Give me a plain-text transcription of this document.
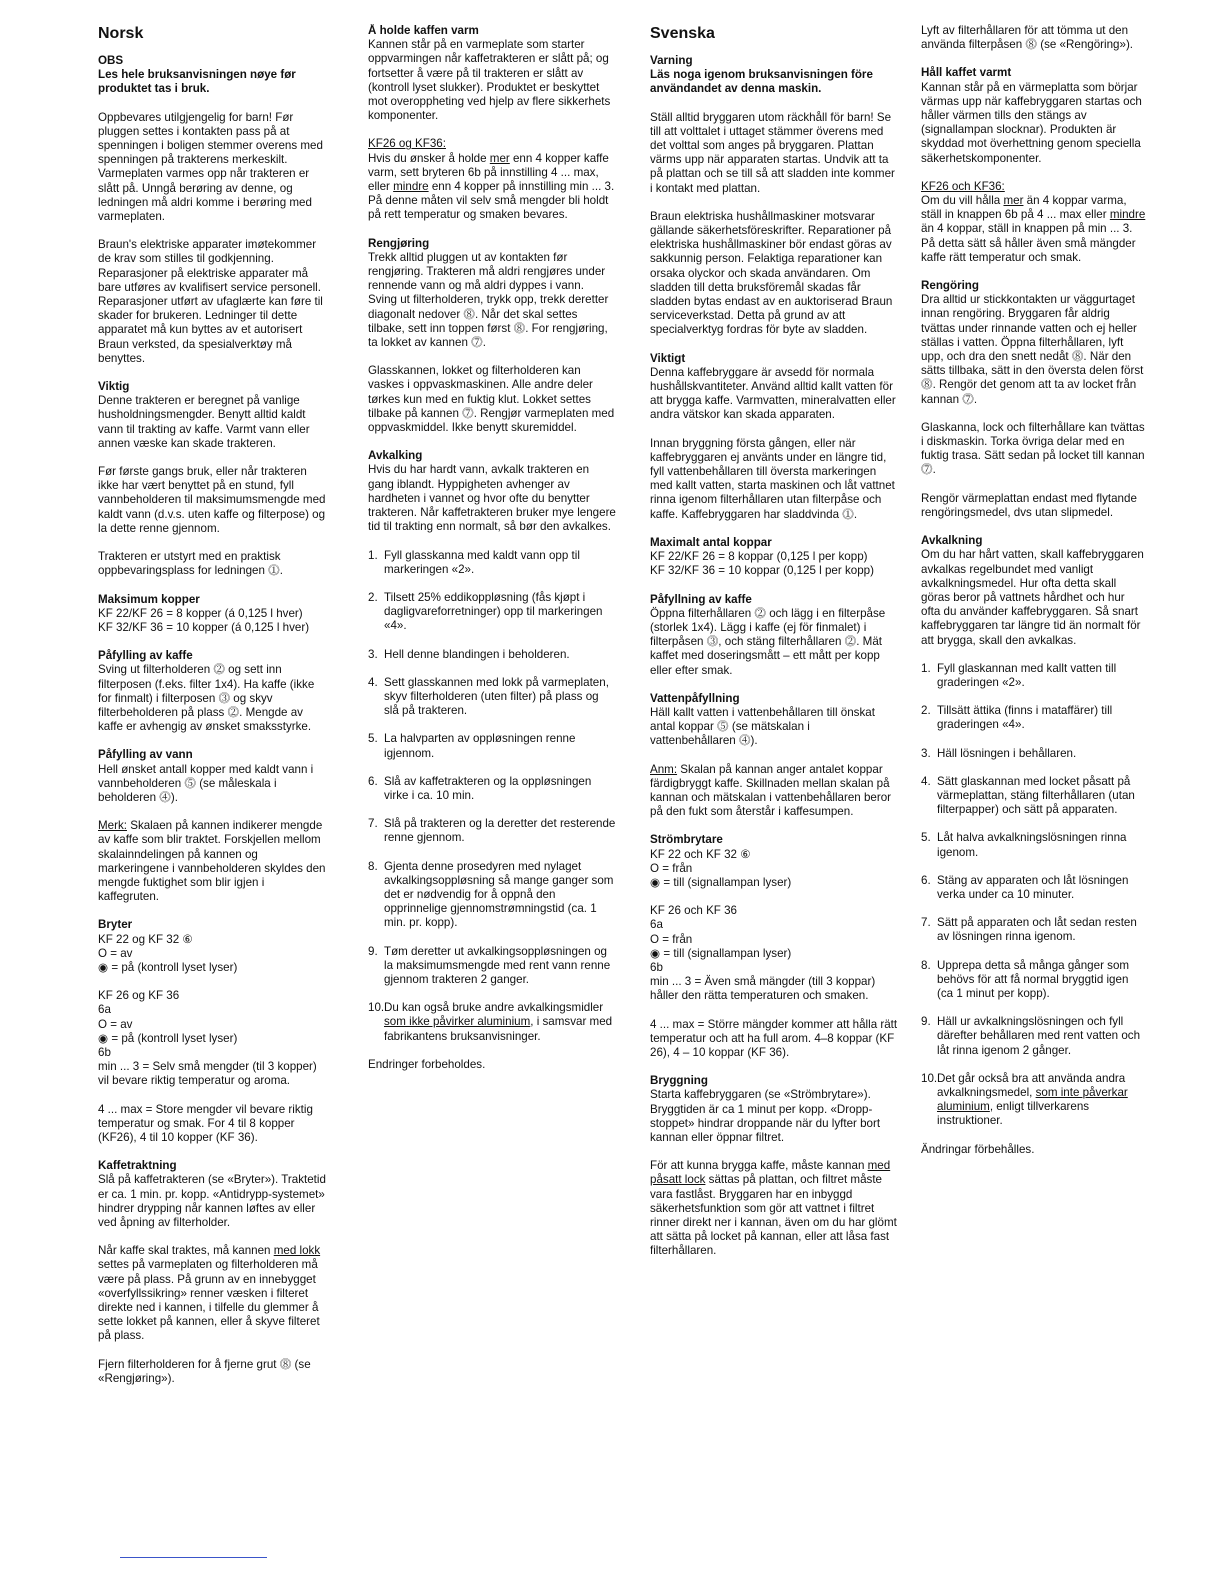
Norsk
OBS

Les hele bruksanvisningen nøye før produktet tas i bruk.

Oppbevares utilgjengelig for barn! Før pluggen settes i kontakten pass på at spenningen i boligen stemmer overens med spenningen på trakterens merkeskilt. Varmeplaten varmes opp når trakteren er slått på. Unngå berøring av denne, og ledningen må aldri komme i berøring med varmeplaten.

Braun's elektriske apparater imøtekommer de krav som stilles til godkjenning. Reparasjoner på elektriske apparater må bare utføres av kvalifisert service personell. Reparasjoner utført av ufaglærte kan føre til skader for brukeren. Ledninger til dette apparatet må kun byttes av et autorisert Braun verksted, da spesialverktøy må benyttes.

Viktig

Denne trakteren er beregnet på vanlige husholdningsmengder. Benytt alltid kaldt vann til trakting av kaffe. Varmt vann eller annen væske kan skade trakteren.

Før første gangs bruk, eller når trakteren ikke har vært benyttet på en stund, fyll vannbeholderen til maksimumsmengde med kaldt vann (d.v.s. uten kaffe og filterpose) og la dette renne gjennom.

Trakteren er utstyrt med en praktisk oppbevaringsplass for ledningen ⓵.

Maksimum kopper
KF 22/KF 26 = 8 kopper (á 0,125 l hver)

KF 32/KF 36 = 10 kopper (á 0,125 l hver)

Påfylling av kaffe

Sving ut filterholderen ⓶ og sett inn filterposen (f.eks. filter 1x4). Ha kaffe (ikke for finmalt) i filterposen ⓷ og skyv filterbeholderen på plass ⓶. Mengde av kaffe er avhengig av ønsket smaksstyrke.

Påfylling av vann

Hell ønsket antall kopper med kaldt vann i vannbeholderen ⓹ (se måleskala i beholderen ⓸).

Merk: Skalaen på kannen indikerer mengde av kaffe som blir traktet. Forskjellen mellom skalainndelingen på kannen og markeringene i vannbeholderen skyldes den mengde fuktighet som blir igjen i kaffegruten.

Bryter
KF 22 og KF 32 ⑥
O = av

◉ = på (kontroll lyset lyser)

KF 26 og KF 36
6a
O = av
◉ = på (kontroll lyset lyser)
6b

min ... 3 = Selv små mengder (til 3 kopper) vil bevare riktig temperatur og aroma.

4 ... max = Store mengder vil bevare riktig temperatur og smak. For 4 til 8 kopper (KF26), 4 til 10 kopper (KF 36).

Kaffetraktning

Slå på kaffetrakteren (se «Bryter»). Traktetid er ca. 1 min. pr. kopp. «Antidrypp-systemet» hindrer drypping når kannen løftes av eller ved åpning av filterholder.

Når kaffe skal traktes, må kannen med lokk settes på varmeplaten og filterholderen må være på plass. På grunn av en innebygget «overfyllssikring» renner væsken i filteret direkte ned i kannen, i tilfelle du glemmer å sette lokket på kannen, eller å skyve filteret på plass.

Fjern filterholderen for å fjerne grut ⓼ (se «Rengjøring»).

Å holde kaffen varm

Kannen står på en varmeplate som starter oppvarmingen når kaffetrakteren er slått på; og fortsetter å være på til trakteren er slått av (kontroll lyset slukker). Produktet er beskyttet mot overoppheting ved hjelp av flere sikkerhets komponenter.

KF26 og KF36:

Hvis du ønsker å holde mer enn 4 kopper kaffe varm, sett bryteren 6b på innstilling 4 ... max, eller mindre enn 4 kopper på innstilling min ... 3. På denne måten vil selv små mengder bli holdt på rett temperatur og smaken bevares.

Rengjøring

Trekk alltid pluggen ut av kontakten før rengjøring. Trakteren må aldri rengjøres under rennende vann og må aldri dyppes i vann. Sving ut filterholderen, trykk opp, trekk deretter diagonalt nedover ⓼. Når det skal settes tilbake, sett inn toppen først ⓼. For rengjøring, ta lokket av kannen ⓻.

Glasskannen, lokket og filterholderen kan vaskes i oppvaskmaskinen. Alle andre deler tørkes kun med en fuktig klut. Lokket settes tilbake på kannen ⓻. Rengjør varmeplaten med oppvaskmiddel. Ikke benytt skuremiddel.

Avkalking

Hvis du har hardt vann, avkalk trakteren en gang iblandt. Hyppigheten avhenger av hardheten i vannet og hvor ofte du benytter trakteren. Når kaffetrakteren bruker mye lengere tid til trakting enn normalt, så bør den avkalkes.

1. Fyll glasskanna med kaldt vann opp til markeringen «2».
2. Tilsett 25% eddikoppløsning (fås kjøpt i dagligvareforretninger) opp til markeringen «4».
3. Hell denne blandingen i beholderen.
4. Sett glasskannen med lokk på varmeplaten, skyv filterholderen (uten filter) på plass og slå på trakteren.
5. La halvparten av oppløsningen renne igjennom.
6. Slå av kaffetrakteren og la oppløsningen virke i ca. 10 min.
7. Slå på trakteren og la deretter det resterende renne gjennom.
8. Gjenta denne prosedyren med nylaget avkalkingsoppløsning så mange ganger som det er nødvendig for å oppnå den opprinnelige gjennomstrømningstid (ca. 1 min. pr. kopp).
9. Tøm deretter ut avkalkingsoppløsningen og la maksimumsmengde med rent vann renne gjennom trakteren 2 ganger.
10. Du kan også bruke andre avkalkingsmidler som ikke påvirker aluminium, i samsvar med fabrikantens bruksanvisninger.

Endringer forbeholdes.

Svenska
Varning

Läs noga igenom bruksanvisningen före användandet av denna maskin.

Ställ alltid bryggaren utom räckhåll för barn! Se till att volttalet i uttaget stämmer överens med det volttal som anges på bryggaren. Plattan värms upp när apparaten startas. Undvik att ta på plattan och se till så att sladden inte kommer i kontakt med plattan.

Braun elektriska hushållmaskiner motsvarar gällande säkerhetsföreskrifter. Reparationer på elektriska hushållmaskiner bör endast göras av sakkunnig person. Felaktiga reparationer kan orsaka olyckor och skada användaren. Om sladden till detta bruksföremål skadas får sladden bytas endast av en auktoriserad Braun serviceverkstad. Detta på grund av att specialverktyg fordras för byte av sladden.

Viktigt

Denna kaffebryggare är avsedd för normala hushållskvantiteter. Använd alltid kallt vatten för att brygga kaffe. Varmvatten, mineralvatten eller andra vätskor kan skada apparaten.

Innan bryggning första gången, eller när kaffebryggaren ej använts under en längre tid, fyll vattenbehållaren till översta markeringen med kallt vatten, starta maskinen och låt vattnet rinna igenom filterhållaren utan filterpåse och kaffe. Kaffebryggaren har sladdvinda ⓵.

Maximalt antal koppar
KF 22/KF 26 = 8 koppar (0,125 l per kopp)

KF 32/KF 36 = 10 koppar (0,125 l per kopp)

Påfyllning av kaffe

Öppna filterhållaren ⓶ och lägg i en filterpåse (storlek 1x4). Lägg i kaffe (ej för finmalet) i filterpåsen ⓷, och stäng filterhållaren ⓶. Mät kaffet med doseringsmått – ett mått per kopp eller efter smak.

Vattenpåfyllning

Häll kallt vatten i vattenbehållaren till önskat antal koppar ⓹ (se mätskalan i vattenbehållaren ⓸).

Anm: Skalan på kannan anger antalet koppar färdigbryggt kaffe. Skillnaden mellan skalan på kannan och mätskalan i vattenbehållaren beror på den fukt som återstår i kaffesumpen.

Strömbrytare
KF 22 och KF 32 ⑥
O = från

◉ = till (signallampan lyser)

KF 26 och KF 36
6a
O = från
◉ = till (signallampan lyser)
6b

min ... 3 = Även små mängder (till 3 koppar) håller den rätta temperaturen och smaken.

4 ... max = Större mängder kommer att hålla rätt temperatur och att ha full arom. 4–8 koppar (KF 26), 4 – 10 koppar (KF 36).

Bryggning

Starta kaffebryggaren (se «Strömbrytare»). Bryggtiden är ca 1 minut per kopp. «Dropp-stoppet» hindrar droppande när du lyfter bort kannan eller öppnar filtret.

För att kunna brygga kaffe, måste kannan med påsatt lock sättas på plattan, och filtret måste vara fastlåst. Bryggaren har en inbyggd säkerhetsfunktion som gör att vattnet i filtret rinner direkt ner i kannan, även om du har glömt att sätta på locket på kannan, eller att låsa fast filterhållaren.

Lyft av filterhållaren för att tömma ut den använda filterpåsen ⓼ (se «Rengöring»).

Håll kaffet varmt

Kannan står på en värmeplatta som börjar värmas upp när kaffebryggaren startas och håller värmen tills den stängs av (signallampan slocknar). Produkten är skyddad mot överhettning genom speciella säkerhetskomponenter.

KF26 och KF36:

Om du vill hålla mer än 4 koppar varma, ställ in knappen 6b på 4 ... max eller mindre än 4 koppar, ställ in knappen på min ... 3. På detta sätt så håller även små mängder kaffe rätt temperatur och smak.

Rengöring

Dra alltid ur stickkontakten ur väggurtaget innan rengöring. Bryggaren får aldrig tvättas under rinnande vatten och ej heller ställas i vatten. Öppna filterhållaren, lyft upp, och dra den snett nedåt ⓼. När den sätts tillbaka, sätt in den översta delen först ⓼. Rengör det genom att ta av locket från kannan ⓻.

Glaskanna, lock och filterhållare kan tvättas i diskmaskin. Torka övriga delar med en fuktig trasa. Sätt sedan på locket till kannan ⓻.

Rengör värmeplattan endast med flytande rengöringsmedel, dvs utan slipmedel.

Avkalkning

Om du har hårt vatten, skall kaffebryggaren avkalkas regelbundet med vanligt avkalkningsmedel. Hur ofta detta skall göras beror på vattnets hårdhet och hur ofta du använder kaffebryggaren. Så snart kaffebryggaren tar längre tid än normalt för att brygga, skall den avkalkas.

1. Fyll glaskannan med kallt vatten till graderingen «2».
2. Tillsätt ättika (finns i mataffärer) till graderingen «4».
3. Häll lösningen i behållaren.
4. Sätt glaskannan med locket påsatt på värmeplattan, stäng filterhållaren (utan filterpapper) och sätt på apparaten.
5. Låt halva avkalkningslösningen rinna igenom.
6. Stäng av apparaten och låt lösningen verka under ca 10 minuter.
7. Sätt på apparaten och låt sedan resten av lösningen rinna igenom.
8. Upprepa detta så många gånger som behövs för att få normal bryggtid igen (ca 1 minut per kopp).
9. Häll ur avkalkningslösningen och fyll därefter behållaren med rent vatten och låt rinna igenom 2 gånger.
10. Det går också bra att använda andra avkalkningsmedel, som inte påverkar aluminium, enligt tillverkarens instruktioner.

Ändringar förbehålles.
